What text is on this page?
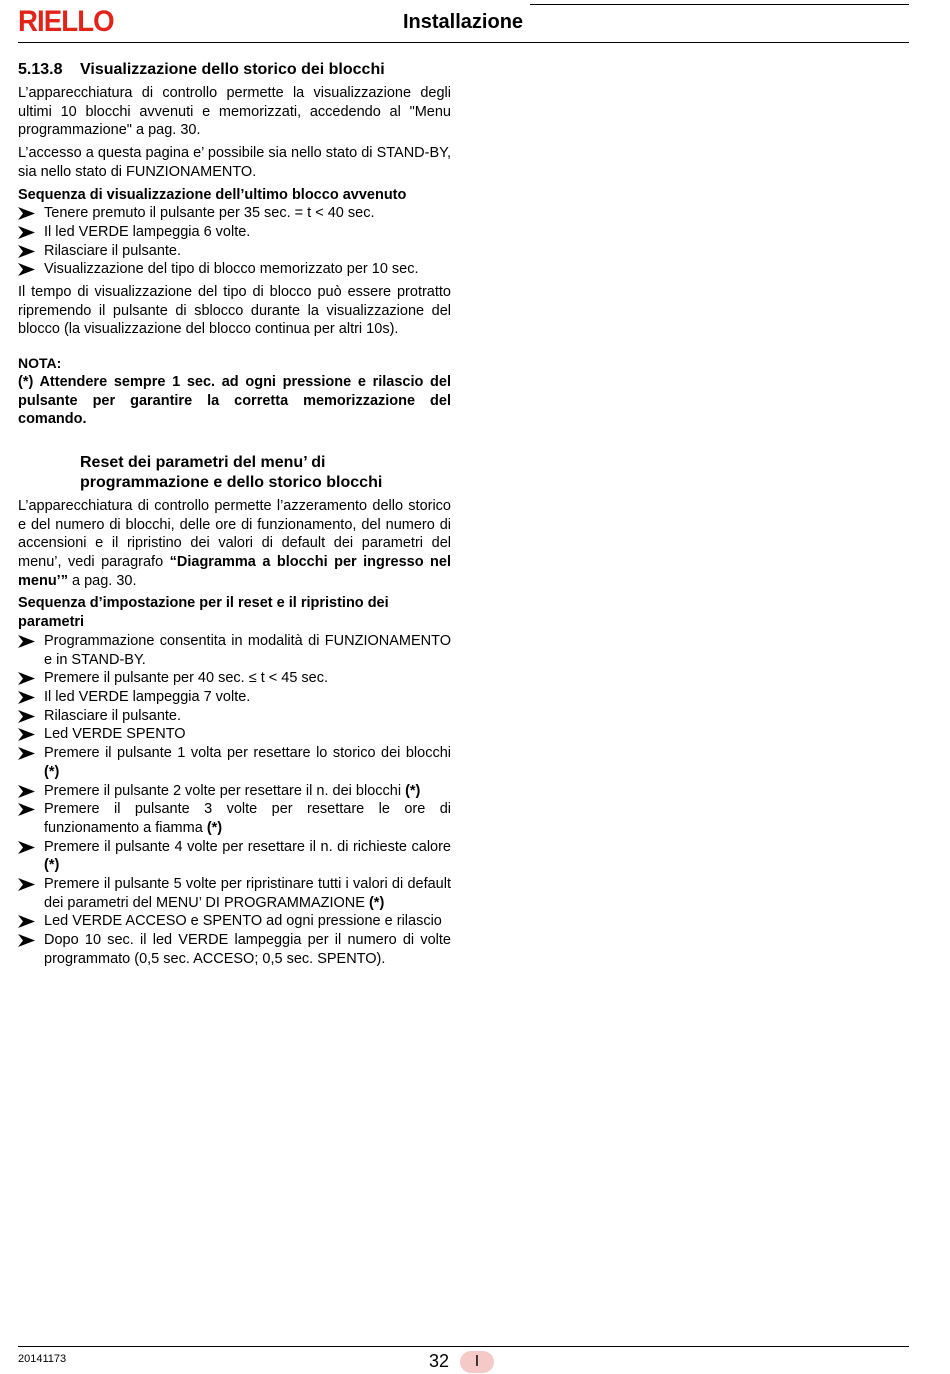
RIELLO	Installazione
5.13.8 Visualizzazione dello storico dei blocchi

L’apparecchiatura di controllo permette la visualizzazione degli ultimi 10 blocchi avvenuti e memorizzati, accedendo al "Menu programmazione" a pag. 30.

L’accesso a questa pagina e’ possibile sia nello stato di STAND-BY, sia nello stato di FUNZIONAMENTO.

Sequenza di visualizzazione dell’ultimo blocco avvenuto
Tenere premuto il pulsante per 35 sec. = t < 40 sec.
Il led VERDE lampeggia 6 volte.
Rilasciare il pulsante.
Visualizzazione del tipo di blocco memorizzato per 10 sec.

Il tempo di visualizzazione del tipo di blocco può essere protratto ripremendo il pulsante di sblocco durante la visualizzazione del blocco (la visualizzazione del blocco continua per altri 10s).

NOTA:

(*) Attendere sempre 1 sec. ad ogni pressione e rilascio del pulsante per garantire la corretta memorizzazione del comando.

Reset dei parametri del menu’ di programmazione e dello storico blocchi

L’apparecchiatura di controllo permette l’azzeramento dello storico e del numero di blocchi, delle ore di funzionamento, del numero di accensioni e il ripristino dei valori di default dei parametri del menu’, vedi paragrafo “Diagramma a blocchi per ingresso nel menu’” a pag. 30.

Sequenza d’impostazione per il reset e il ripristino dei parametri
Programmazione consentita in modalità di FUNZIONAMENTO e in STAND-BY.
Premere il pulsante per 40 sec. ≤ t < 45 sec.
Il led VERDE lampeggia 7 volte.
Rilasciare il pulsante.
Led VERDE SPENTO
Premere il pulsante 1 volta per resettare lo storico dei blocchi (*)
Premere il pulsante 2 volte per resettare il n. dei blocchi (*)
Premere il pulsante 3 volte per resettare le ore di funzionamento a fiamma (*)
Premere il pulsante 4 volte per resettare il n. di richieste calore (*)
Premere il pulsante 5 volte per ripristinare tutti i valori di default dei parametri del MENU’ DI PROGRAMMAZIONE (*)
Led VERDE ACCESO e SPENTO ad ogni pressione e rilascio
Dopo 10 sec. il led VERDE lampeggia per il numero di volte programmato (0,5 sec. ACCESO; 0,5 sec. SPENTO).
20141173	32	I
